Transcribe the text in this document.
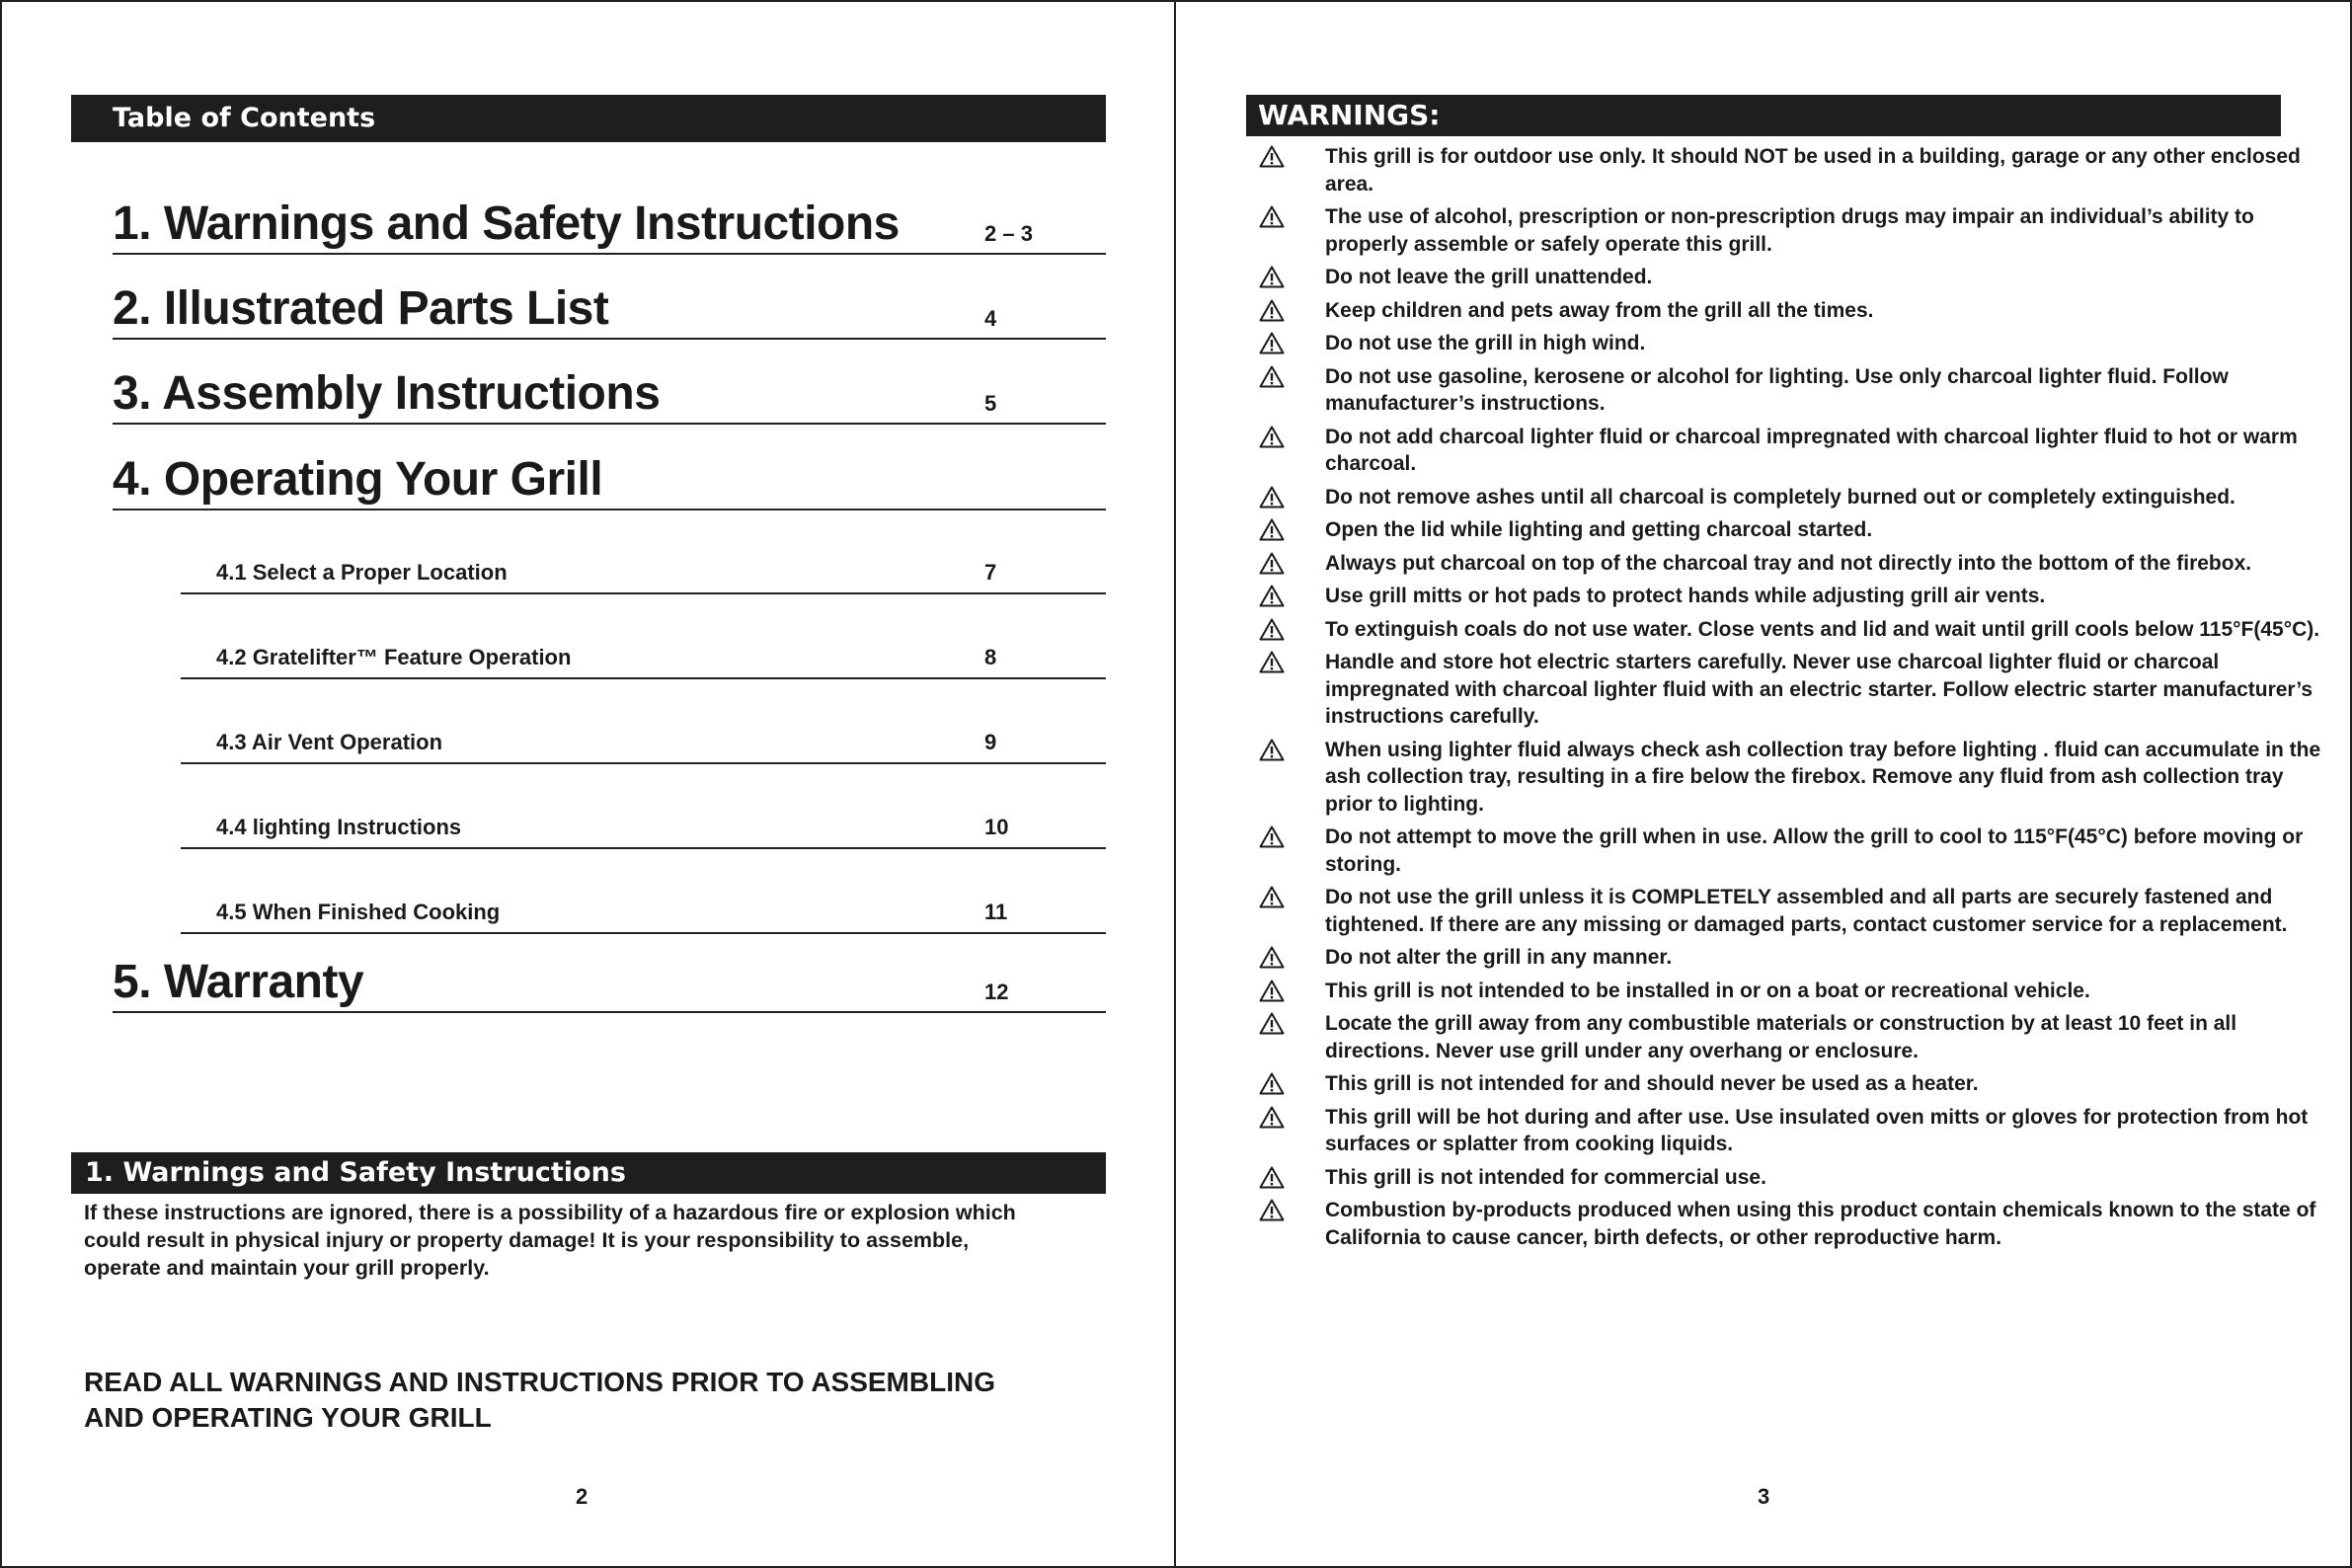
Table of Contents
1. Warnings and Safety Instructions	2 – 3
2. Illustrated Parts List	4
3. Assembly Instructions	5
4. Operating Your Grill
4.1 Select a Proper Location	7
4.2 Gratelifter™ Feature Operation	8
4.3 Air Vent Operation	9
4.4 lighting Instructions	10
4.5 When Finished Cooking	11
5. Warranty	12
1. Warnings and Safety Instructions
If these instructions are ignored, there is a possibility of a hazardous fire or explosion which
could result in physical injury or property damage! It is your responsibility to assemble,
operate and maintain your grill properly.
READ ALL WARNINGS AND INSTRUCTIONS PRIOR TO ASSEMBLING
AND OPERATING YOUR GRILL
2
WARNINGS:
This grill is for outdoor use only. It should NOT be used in a building, garage or any other enclosed area.
The use of alcohol, prescription or non-prescription drugs may impair an individual’s ability to properly assemble or safely operate this grill.
Do not leave the grill unattended.
Keep children and pets away from the grill all the times.
Do not use the grill in high wind.
Do not use gasoline, kerosene or alcohol for lighting. Use only charcoal lighter fluid. Follow manufacturer’s instructions.
Do not add charcoal lighter fluid or charcoal impregnated with charcoal lighter fluid to hot or warm charcoal.
Do not remove ashes until all charcoal is completely burned out or completely extinguished.
Open the lid while lighting and getting charcoal started.
Always put charcoal on top of the charcoal tray and not directly into the bottom of the firebox.
Use grill mitts or hot pads to protect hands while adjusting grill air vents.
To extinguish coals do not use water. Close vents and lid and wait until grill cools below 115°F(45°C).
Handle and store hot electric starters carefully. Never use charcoal lighter fluid or charcoal impregnated with charcoal lighter fluid with an electric starter. Follow electric starter manufacturer’s instructions carefully.
When using lighter fluid always check ash collection tray before lighting . fluid can accumulate in the ash collection tray, resulting in a fire below the firebox. Remove any fluid from ash collection tray prior to lighting.
Do not attempt to move the grill when in use. Allow the grill to cool to 115°F(45°C) before moving or storing.
Do not use the grill unless it is COMPLETELY assembled and all parts are securely fastened and tightened. If there are any missing or damaged parts, contact customer service for a replacement.
Do not alter the grill in any manner.
This grill is not intended to be installed in or on a boat or recreational vehicle.
Locate the grill away from any combustible materials or construction by at least 10 feet in all directions. Never use grill under any overhang or enclosure.
This grill is not intended for and should never be used as a heater.
This grill will be hot during and after use. Use insulated oven mitts or gloves for protection from hot surfaces or splatter from cooking liquids.
This grill is not intended for commercial use.
Combustion by-products produced when using this product contain chemicals known to the state of California to cause cancer, birth defects, or other reproductive harm.
3
